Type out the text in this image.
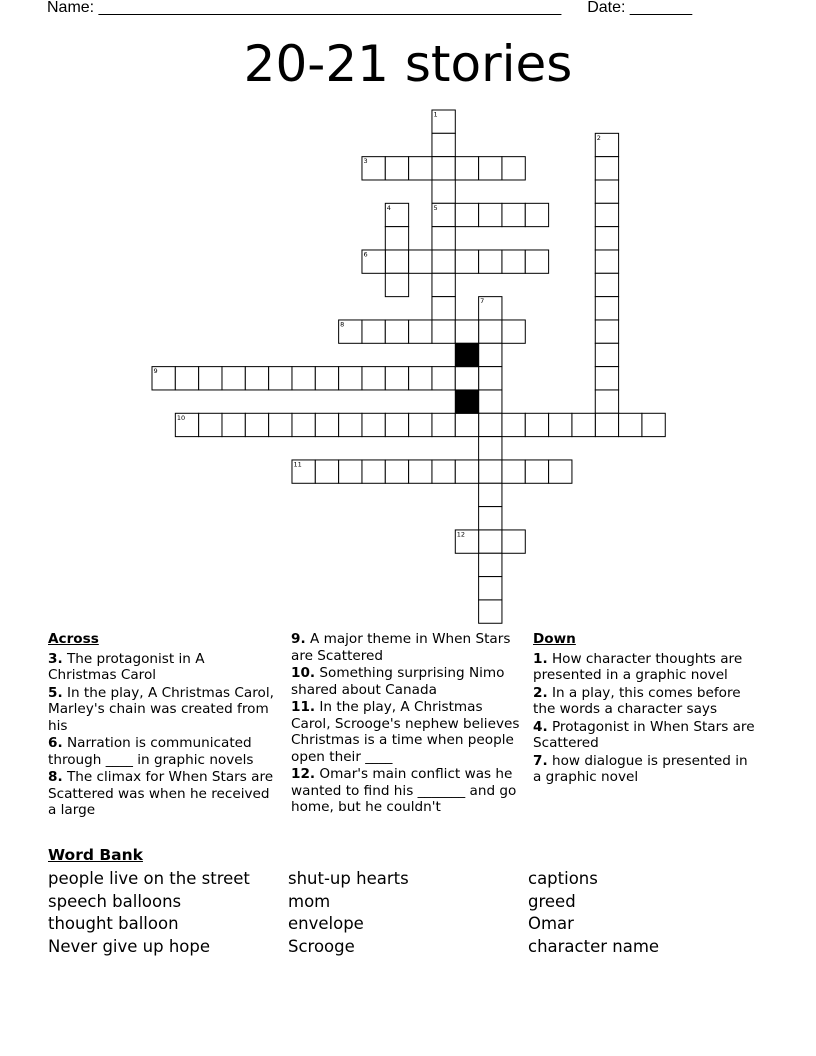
Name: ____________________________________________________ Date: _______
20-21 stories
1
2
3
4	5
6
7
8
9
10
11
12
Across
3. The protagonist in A Christmas Carol
5. In the play, A Christmas Carol, Marley's chain was created from his
6. Narration is communicated through ____ in graphic novels
8. The climax for When Stars are Scattered was when he received a large
9. A major theme in When Stars are Scattered
10. Something surprising Nimo shared about Canada
11. In the play, A Christmas Carol, Scrooge's nephew believes Christmas is a time when people open their ____
12. Omar's main conflict was he wanted to find his _______ and go home, but he couldn't
Down
1. How character thoughts are presented in a graphic novel
2. In a play, this comes before the words a character says
4. Protagonist in When Stars are Scattered
7. how dialogue is presented in a graphic novel
Word Bank
people live on the street
speech balloons
thought balloon
Never give up hope
shut-up hearts
mom
envelope
Scrooge
captions
greed
Omar
character name
